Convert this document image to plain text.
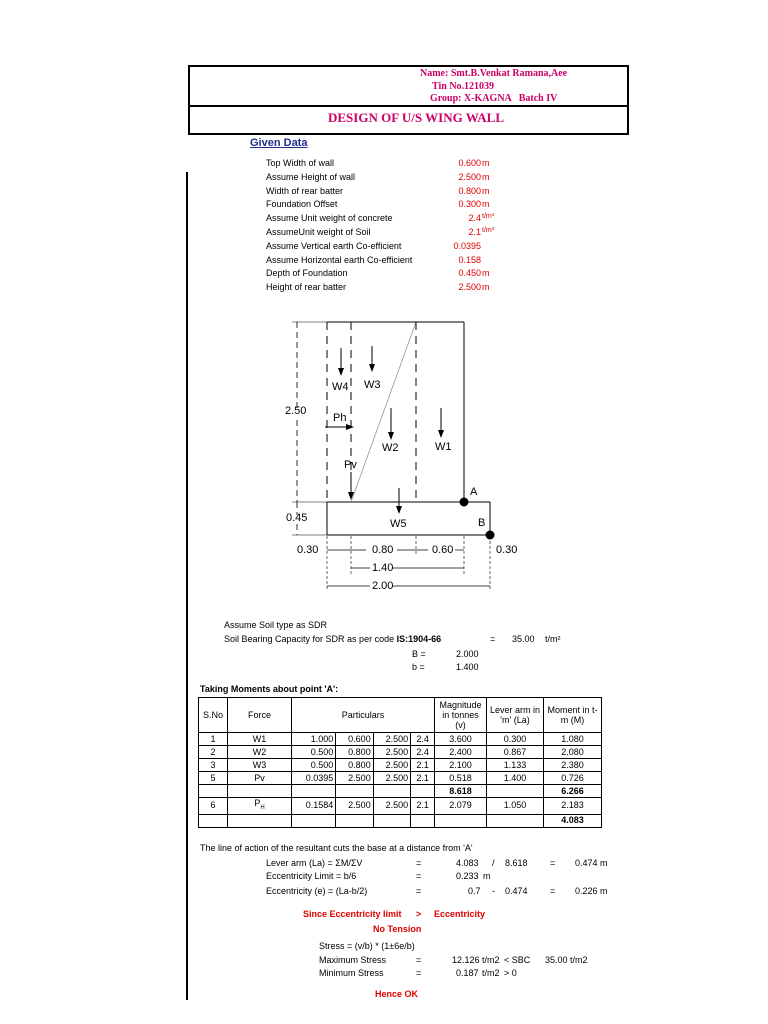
Name: Smt.B.Venkat Ramana,Aee
Tin No.121039
Group: X-KAGNA   Batch IV
DESIGN OF U/S WING WALL
Given Data
Top Width of wall	0.600 m
Assume Height of wall	2.500 m
Width of rear batter	0.800 m
Foundation Offset	0.300 m
Assume Unit weight of concrete	2.4 t/m³
AssumeUnit weight of Soil	2.1 t/m³
Assume Vertical earth Co-efficient	0.0395
Assume Horizontal earth Co-efficient	0.158
Depth of Foundation	0.450 m
Height of rear batter	2.500 m
2.50
0.45
W4 W3
Ph
W2	W1
Pv
W5
A
B
0.30	0.80	0.60	0.30
1.40
2.00
Assume Soil type as SDR
Soil Bearing Capacity for SDR as per code IS:1904-66	= 35.00 t/m²
B =	2.000
b =	1.400
Taking Moments about point 'A':
S.No	Force	Particulars				Magnitude in tonnes (v)	Lever arm in 'm' (La)	Moment in t-m (M)
1	W1	1.000	0.600	2.500	2.4	3.600	0.300	1.080
2	W2	0.500	0.800	2.500	2.4	2.400	0.867	2.080
3	W3	0.500	0.800	2.500	2.1	2.100	1.133	2.380
5	Pv	0.0395	2.500	2.500	2.1	0.518	1.400	0.726
						8.618		6.266
6	$P_H$	0.1584	2.500	2.500	2.1	2.079	1.050	2.183
								4.083
The line of action of the resultant cuts the base at a distance from 'A'
Lever arm (La) = ΣM/ΣV	=	4.083 / 8.618 = 0.474 m
Eccentricity Limit = b/6	=	0.233 m
Eccentricity (e) = (La-b/2)	=	0.7 - 0.474 = 0.226 m
Since Eccentricity limit > Eccentricity
No Tension
Stress = (v/b) * (1±6e/b)
Maximum Stress	=	12.126 t/m2 < SBC 35.00 t/m2
Minimum Stress	=	0.187 t/m2 > 0
Hence OK
